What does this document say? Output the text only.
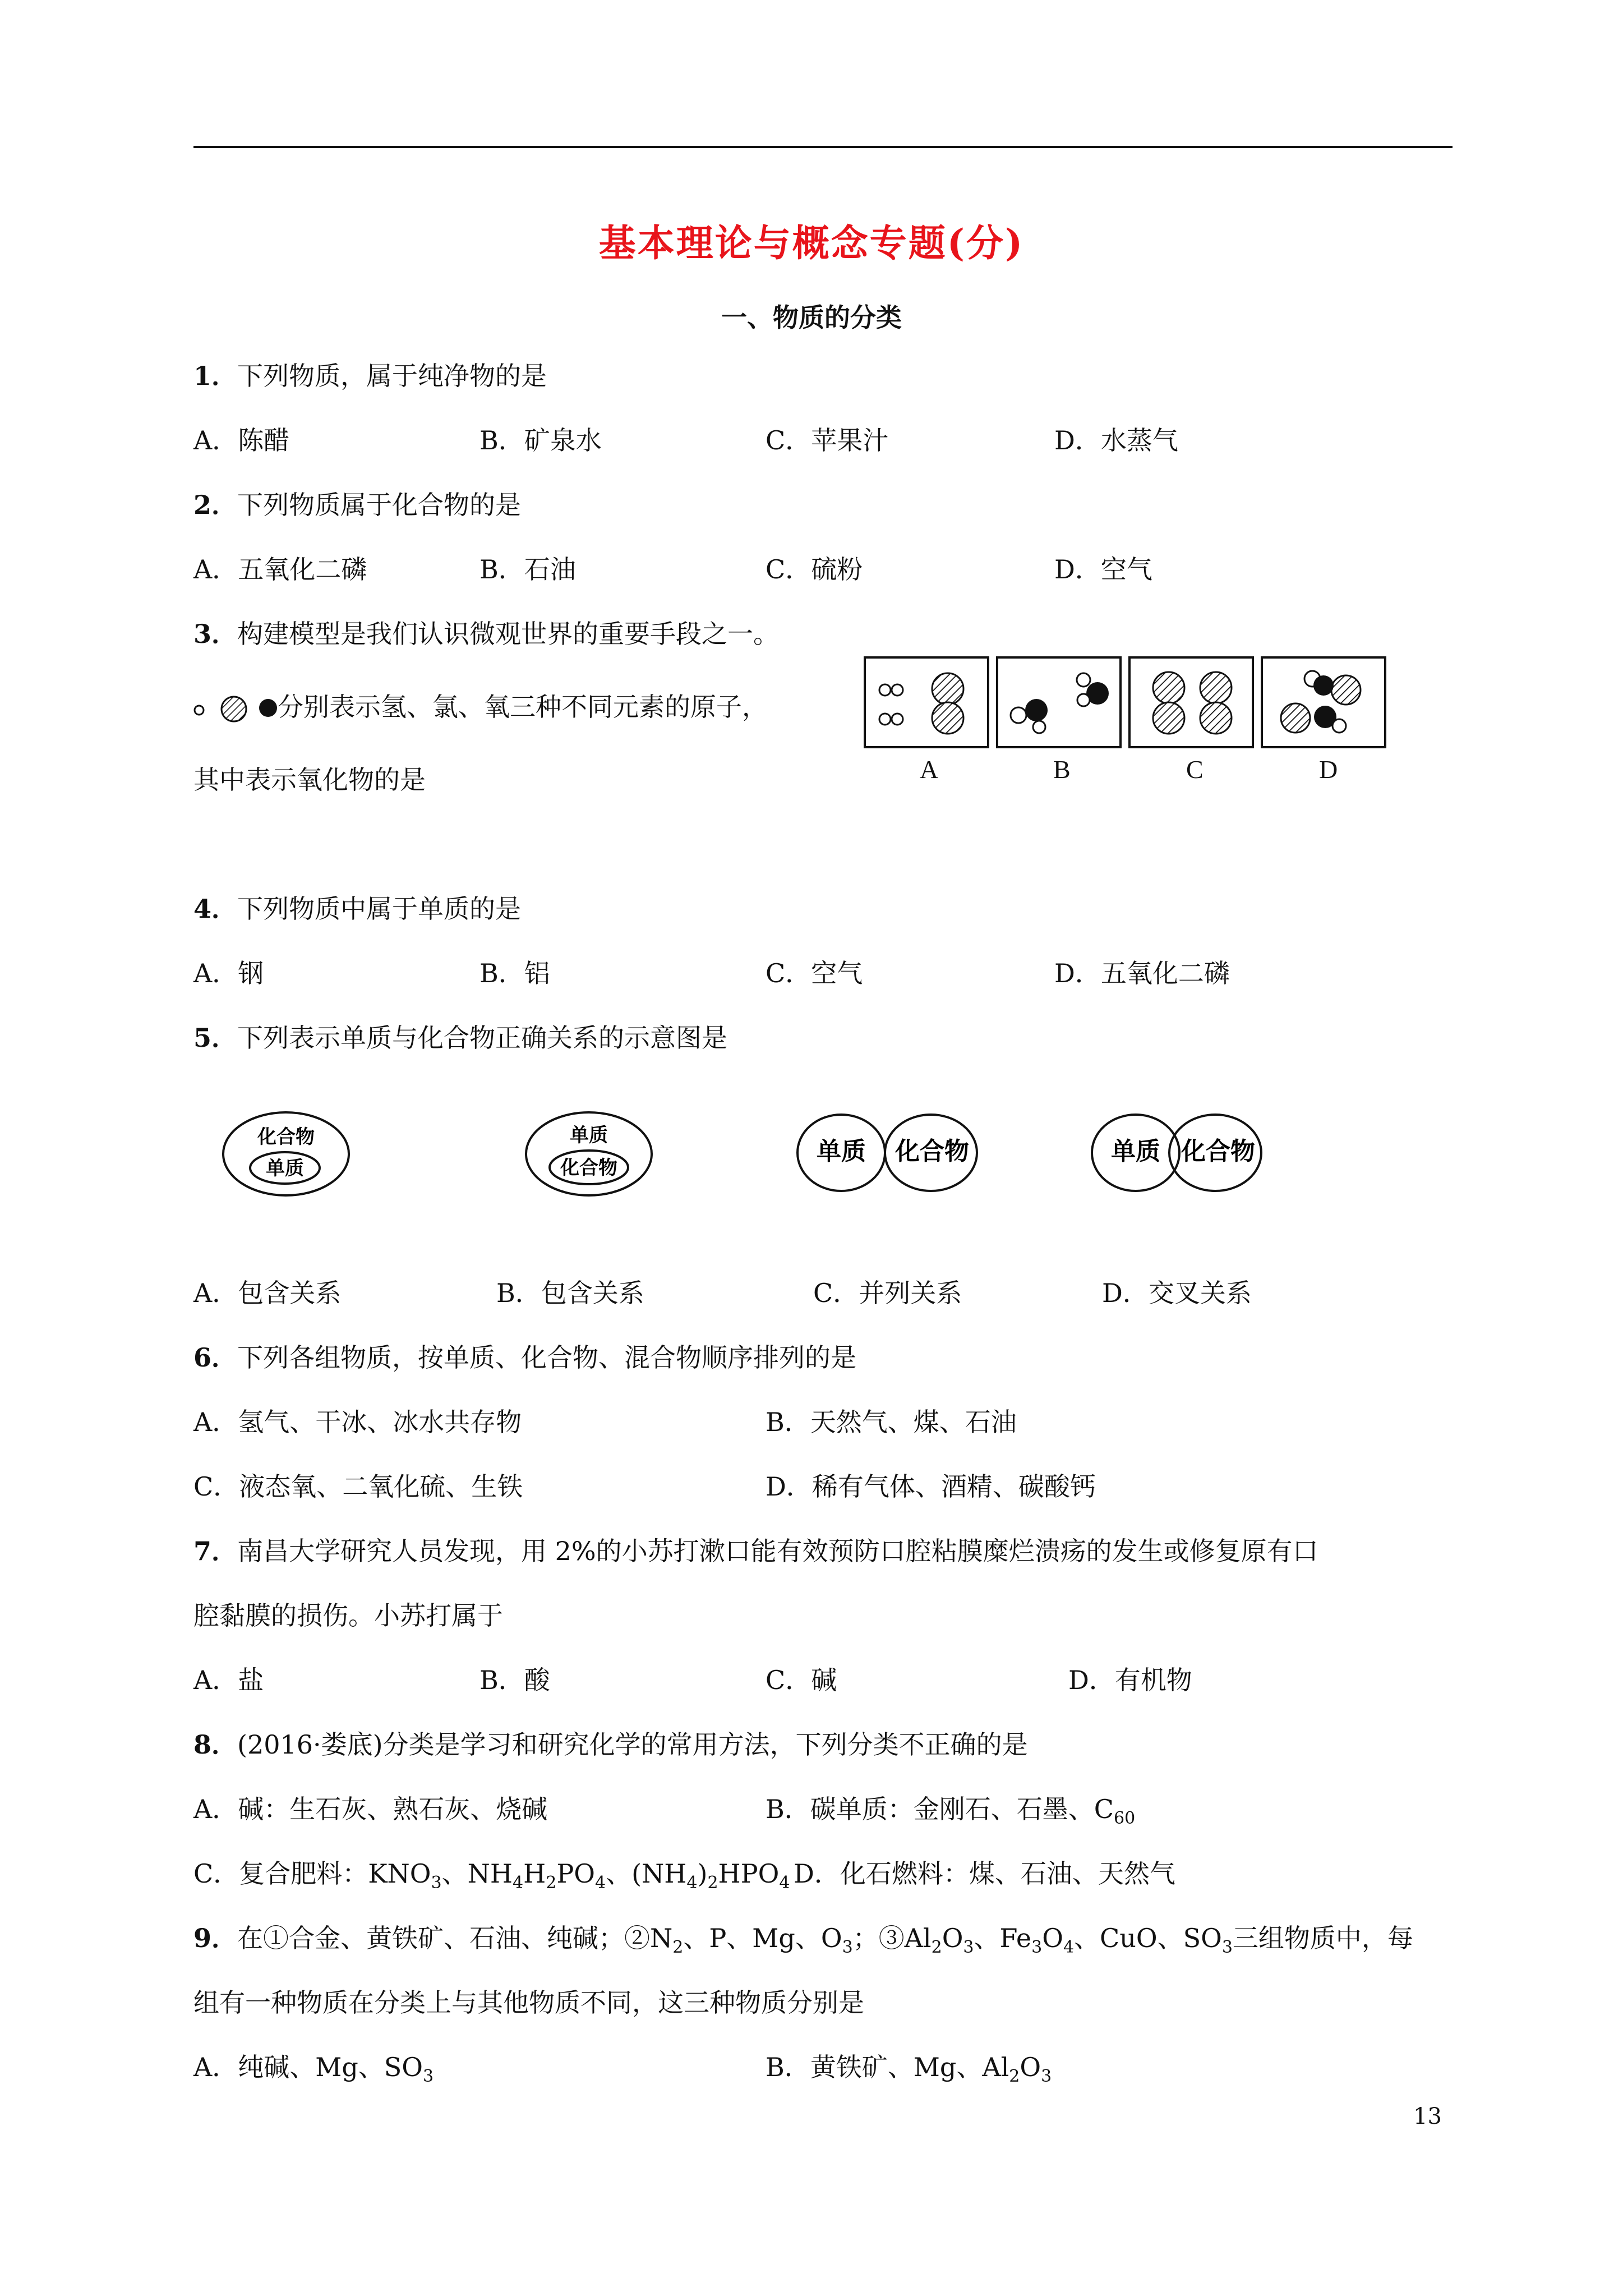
基本理论与概念专题(分)
一、物质的分类
1．下列物质，属于纯净物的是
A．陈醋	B．矿泉水	C．苹果汁	D．水蒸气
2．下列物质属于化合物的是
A．五氧化二磷	B．石油	C．硫粉	D．空气
3．构建模型是我们认识微观世界的重要手段之一。
分别表示氢、氯、氧三种不同元素的原子，
其中表示氧化物的是	A	B	C	D
4．下列物质中属于单质的是
A．钢	B．铝	C．空气	D．五氧化二磷
5．下列表示单质与化合物正确关系的示意图是
化合物
单质
单质
化合物
单质 化合物	单质 化合物
A．包含关系	B．包含关系	C．并列关系	D．交叉关系
6．下列各组物质，按单质、化合物、混合物顺序排列的是
A．氢气、干冰、冰水共存物	B．天然气、煤、石油
C．液态氧、二氧化硫、生铁	D．稀有气体、酒精、碳酸钙
7．南昌大学研究人员发现，用 2%的小苏打漱口能有效预防口腔粘膜糜烂溃疡的发生或修复原有口
腔黏膜的损伤。小苏打属于
A．盐	B．酸	C．碱	D．有机物
8．(2016·娄底)分类是学习和研究化学的常用方法，下列分类不正确的是
A．碱：生石灰、熟石灰、烧碱	B．碳单质：金刚石、石墨、$C_{60}$
C．复合肥料：$KNO_3$、$NH_4H_2PO_4$、$(NH_4)_2HPO_4$ D．化石燃料：煤、石油、天然气
9．在①合金、黄铁矿、石油、纯碱；$②N_2$、P、Mg、$O_3$；$③Al_2O_3$、$Fe_3O_4$、CuO、$SO_3$三组物质中，每
组有一种物质在分类上与其他物质不同，这三种物质分别是
A．纯碱、Mg、$SO_3$	B．黄铁矿、Mg、$Al_2O_3$
13
